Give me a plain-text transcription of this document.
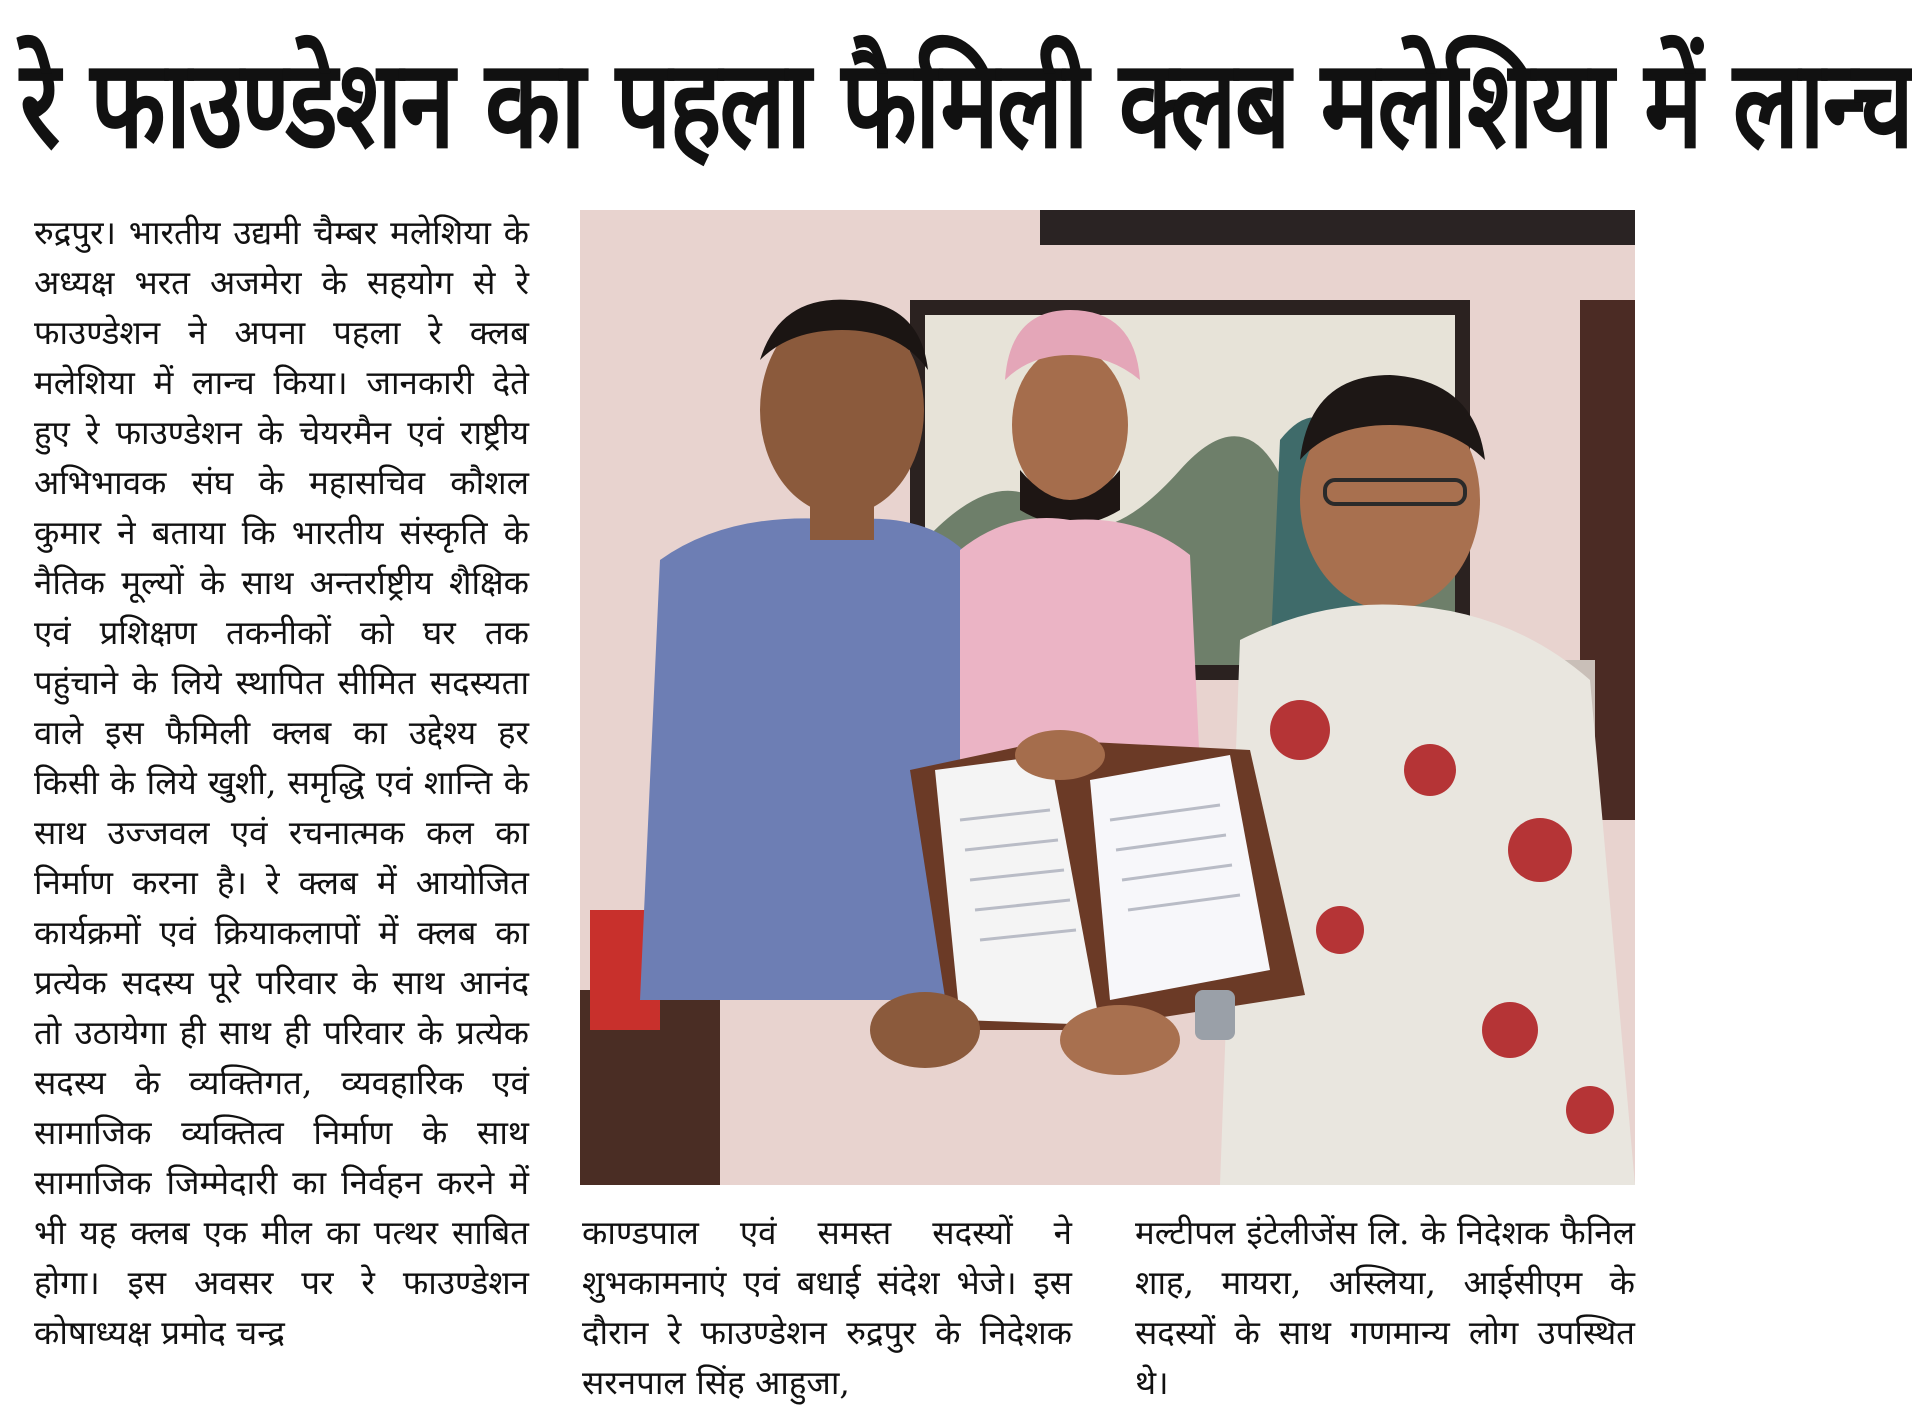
रे फाउण्डेशन का पहला फैमिली क्लब मलेशिया में लान्च

रुद्रपुर। भारतीय उद्यमी चैम्बर मलेशिया के अध्यक्ष भरत अजमेरा के सहयोग से रे फाउण्डेशन ने अपना पहला रे क्लब मलेशिया में लान्च किया। जानकारी देते हुए रे फाउण्डेशन के चेयरमैन एवं राष्ट्रीय अभिभावक संघ के महासचिव कौशल कुमार ने बताया कि भारतीय संस्कृति के नैतिक मूल्यों के साथ अन्तर्राष्ट्रीय शैक्षिक एवं प्रशिक्षण तकनीकों को घर तक पहुंचाने के लिये स्थापित सीमित सदस्यता वाले इस फैमिली क्लब का उद्देश्य हर किसी के लिये खुशी, समृद्धि एवं शान्ति के साथ उज्जवल एवं रचनात्मक कल का निर्माण करना है। रे क्लब में आयोजित कार्यक्रमों एवं क्रियाकलापों में क्लब का प्रत्येक सदस्य पूरे परिवार के साथ आनंद तो उठायेगा ही साथ ही परिवार के प्रत्येक सदस्य के व्यक्तिगत, व्यवहारिक एवं सामाजिक व्यक्तित्व निर्माण के साथ सामाजिक जिम्मेदारी का निर्वहन करने में भी यह क्लब एक मील का पत्थर साबित होगा। इस अवसर पर रे फाउण्डेशन कोषाध्यक्ष प्रमोद चन्द्र

काण्डपाल एवं समस्त सदस्यों ने शुभकामनाएं एवं बधाई संदेश भेजे। इस दौरान रे फाउण्डेशन रुद्रपुर के निदेशक सरनपाल सिंह आहुजा,

मल्टीपल इंटेलीजेंस लि. के निदेशक फैनिल शाह, मायरा, अस्लिया, आईसीएम के सदस्यों के साथ गणमान्य लोग उपस्थित थे।
